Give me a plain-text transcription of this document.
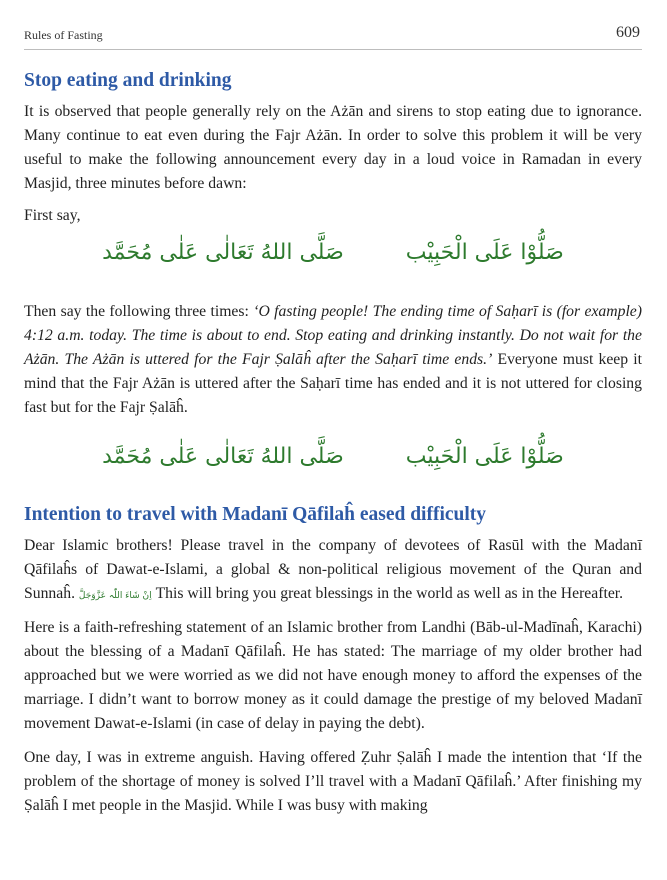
Rules of Fasting	609
Stop eating and drinking

It is observed that people generally rely on the Ażān and sirens to stop eating due to ignorance. Many continue to eat even during the Fajr Ażān. In order to solve this problem it will be very useful to make the following announcement every day in a loud voice in Ramadan in every Masjid, three minutes before dawn:

First say,

صَلَّى اللهُ تَعَالٰى عَلٰى مُحَمَّد	صَلُّوْا عَلَى الْحَبِيْب

Then say the following three times: ‘O fasting people! The ending time of Saḥarī is (for example) 4:12 a.m. today. The time is about to end. Stop eating and drinking instantly. Do not wait for the Ażān. The Ażān is uttered for the Fajr Ṣalāĥ after the Saḥarī time ends.’ Everyone must keep it mind that the Fajr Ażān is uttered after the Saḥarī time has ended and it is not uttered for closing fast but for the Fajr Ṣalāĥ.

صَلَّى اللهُ تَعَالٰى عَلٰى مُحَمَّد	صَلُّوْا عَلَى الْحَبِيْب
Intention to travel with Madanī Qāfilaĥ eased difficulty

Dear Islamic brothers! Please travel in the company of devotees of Rasūl with the Madanī Qāfilaĥs of Dawat-e-Islami, a global & non-political religious movement of the Quran and Sunnaĥ. اِنْ شَاءَ اللّٰہ عَزَّوَجَلَّ This will bring you great blessings in the world as well as in the Hereafter.

Here is a faith-refreshing statement of an Islamic brother from Landhi (Bāb-ul-Madīnaĥ, Karachi) about the blessing of a Madanī Qāfilaĥ. He has stated: The marriage of my older brother had approached but we were worried as we did not have enough money to afford the expenses of the marriage. I didn’t want to borrow money as it could damage the prestige of my beloved Madanī movement Dawat-e-Islami (in case of delay in paying the debt).

One day, I was in extreme anguish. Having offered Ẓuhr Ṣalāĥ I made the intention that ‘If the problem of the shortage of money is solved I’ll travel with a Madanī Qāfilaĥ.’ After finishing my Ṣalāĥ I met people in the Masjid. While I was busy with making
